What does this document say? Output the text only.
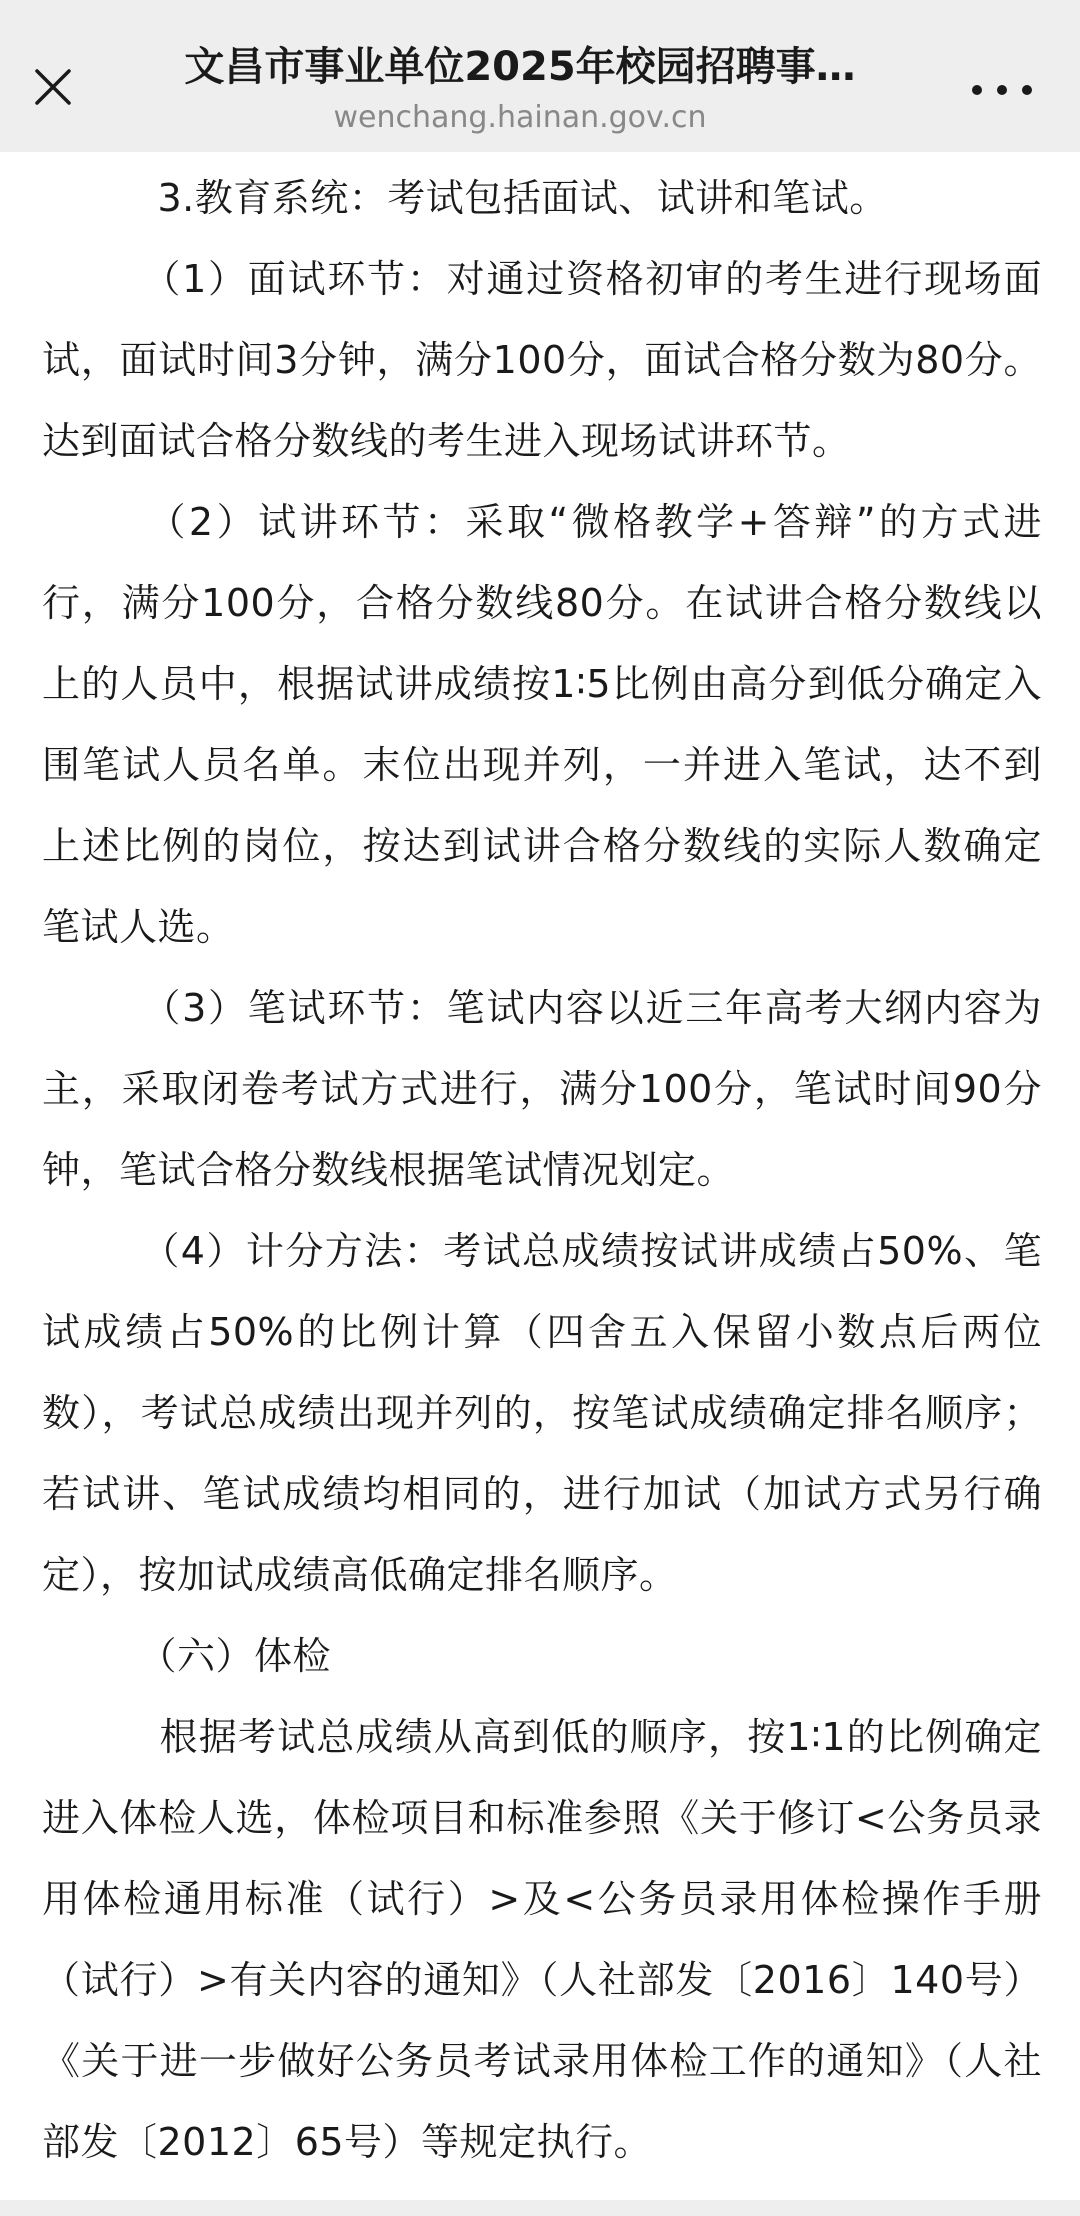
文昌市事业单位2025年校园招聘事…
wenchang.hainan.gov.cn

　　　3.教育系统：考试包括面试、试讲和笔试。

　　　（1）面试环节：对通过资格初审的考生进行现场面试，面试时间3分钟，满分100分，面试合格分数为80分。达到面试合格分数线的考生进入现场试讲环节。

　　　（2）试讲环节：采取“微格教学+答辩”的方式进行，满分100分，合格分数线80分。在试讲合格分数线以上的人员中，根据试讲成绩按1∶5比例由高分到低分确定入围笔试人员名单。末位出现并列，一并进入笔试，达不到上述比例的岗位，按达到试讲合格分数线的实际人数确定笔试人选。

　　　（3）笔试环节：笔试内容以近三年高考大纲内容为主，采取闭卷考试方式进行，满分100分，笔试时间90分钟，笔试合格分数线根据笔试情况划定。

　　　（4）计分方法：考试总成绩按试讲成绩占50%、笔试成绩占50%的比例计算（四舍五入保留小数点后两位数），考试总成绩出现并列的，按笔试成绩确定排名顺序；若试讲、笔试成绩均相同的，进行加试（加试方式另行确定），按加试成绩高低确定排名顺序。

　　　（六）体检

　　　根据考试总成绩从高到低的顺序，按1∶1的比例确定进入体检人选，体检项目和标准参照《关于修订<公务员录用体检通用标准（试行）>及<公务员录用体检操作手册（试行）>有关内容的通知》（人社部发〔2016〕140号）《关于进一步做好公务员考试录用体检工作的通知》（人社部发〔2012〕65号）等规定执行。
